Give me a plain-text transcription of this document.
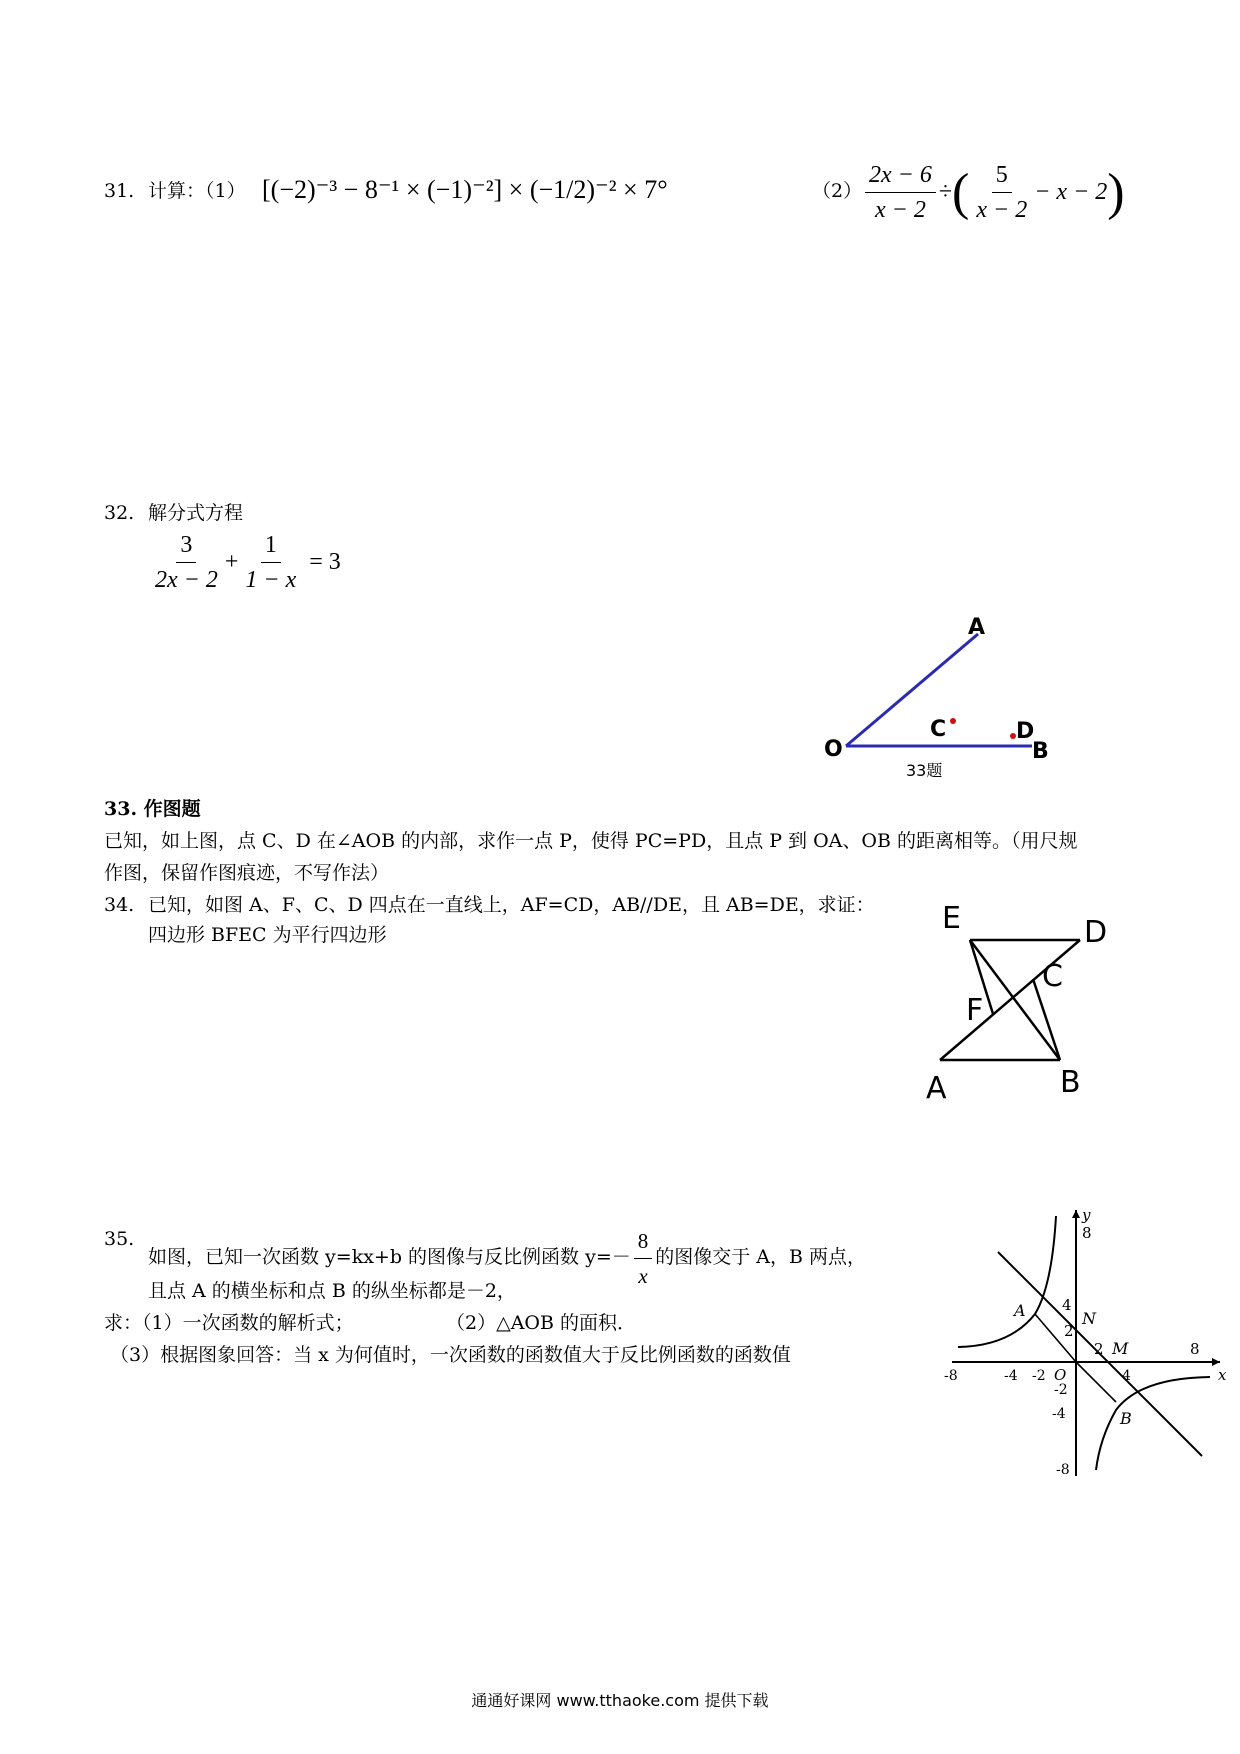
31. 计算：（1） [(−2)⁻³ − 8⁻¹ × (−1)⁻²] × (−1/2)⁻² × 7°	$(2) \frac{2x - 6}{x - 2}$ ÷ ( $\frac{5}{x - 2} - x - 2$ )
32. 解分式方程
$\frac{3}{2x - 2} + \frac{1}{1 - x} = 3$
A
O
C	D
B
33题
33. 作图题
已知，如上图，点 C、D 在∠AOB 的内部，求作一点 P，使得 PC=PD，且点 P 到 OA、OB 的距离相等。（用尺规
作图，保留作图痕迹，不写作法）
34. 已知，如图 A、F、C、D 四点在一直线上，AF=CD，AB//DE，且 AB=DE，求证：
四边形 BFEC 为平行四边形	E	D
C
F
A	B
35.
如图，已知一次函数 y=kx+b 的图像与反比例函数 $y=- \frac{8}{x}$ 的图像交于 A，B 两点，
且点 A 的横坐标和点 B 的纵坐标都是－2，
求：（1）一次函数的解析式；	（2）△AOB 的面积．
（3）根据图象回答：当 x 为何值时，一次函数的函数值大于反比例函数的函数值
-8	-4 -2 O
2
4
8
x
8
4
2
-2
-4
-8
y
A
B
N
M
通通好课网 www.tthaoke.com 提供下载
